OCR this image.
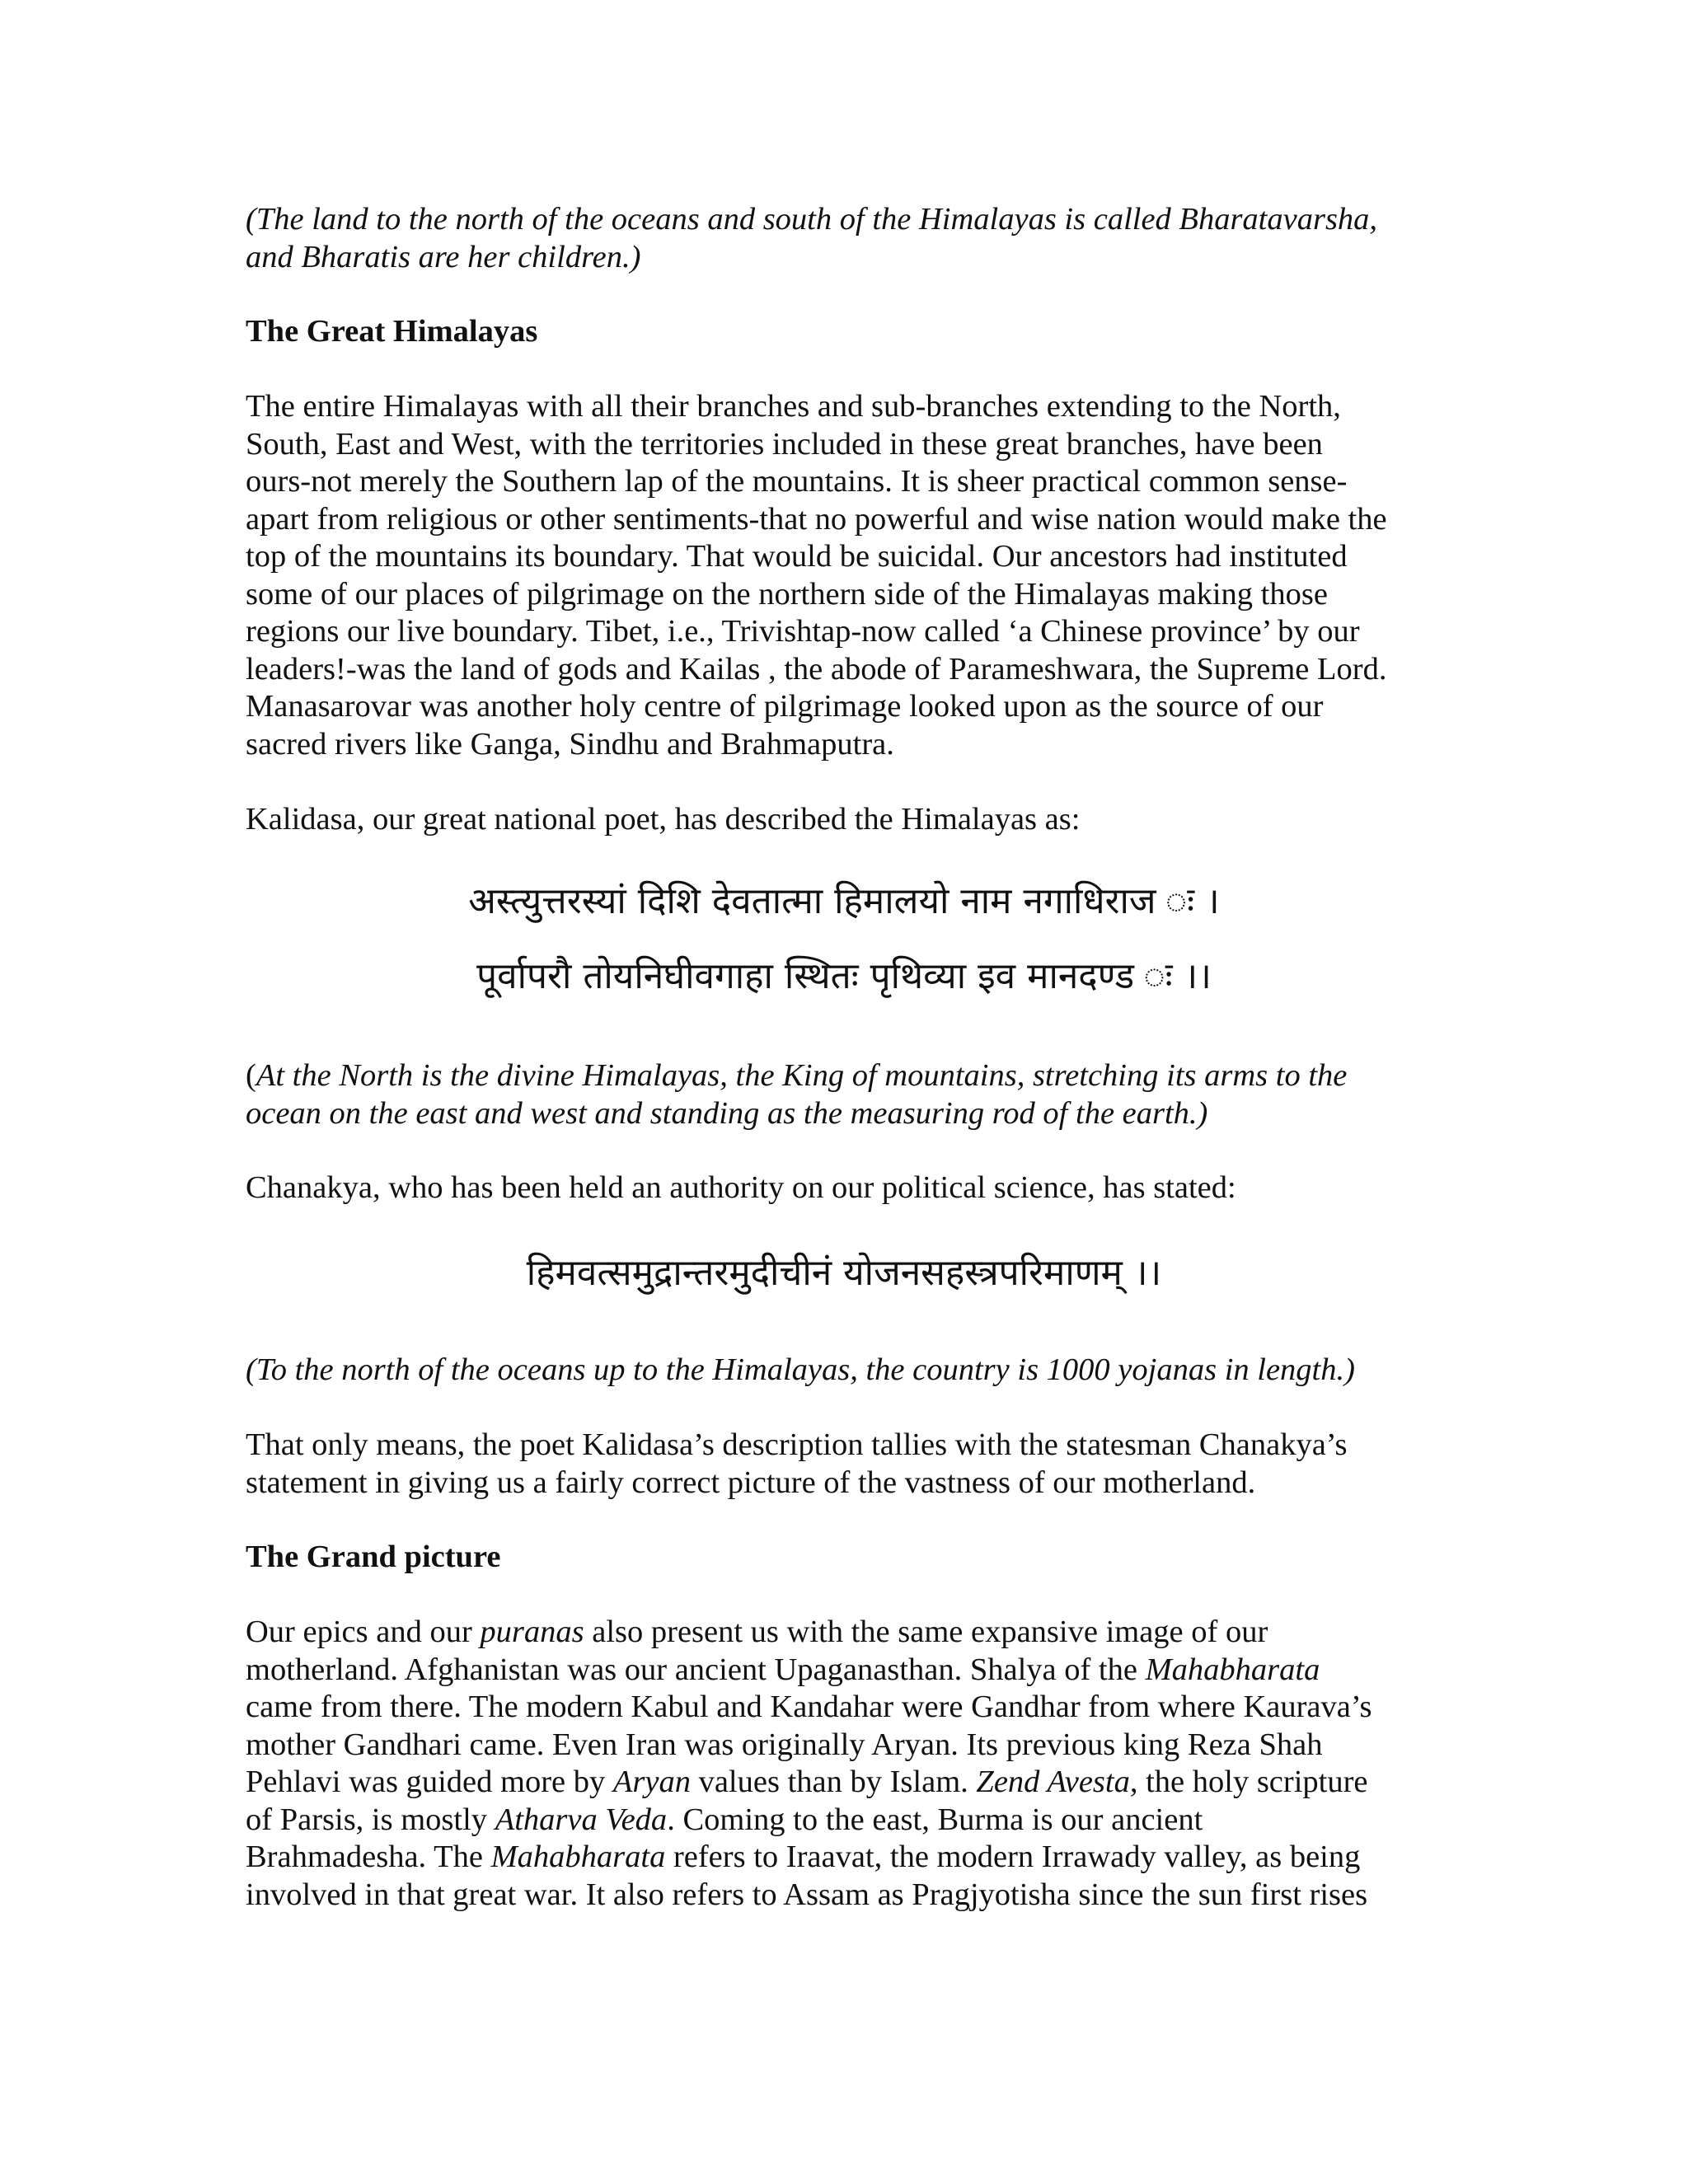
(The land to the north of the oceans and south of the Himalayas is called Bharatavarsha,
and Bharatis are her children.)

The Great Himalayas

The entire Himalayas with all their branches and sub-branches extending to the North,
South, East and West, with the territories included in these great branches, have been
ours-not merely the Southern lap of the mountains. It is sheer practical common sense-
apart from religious or other sentiments-that no powerful and wise nation would make the
top of the mountains its boundary. That would be suicidal. Our ancestors had instituted
some of our places of pilgrimage on the northern side of the Himalayas making those
regions our live boundary. Tibet, i.e., Trivishtap-now called ‘a Chinese province’ by our
leaders!-was the land of gods and Kailas , the abode of Parameshwara, the Supreme Lord.
Manasarovar was another holy centre of pilgrimage looked upon as the source of our
sacred rivers like Ganga, Sindhu and Brahmaputra.

Kalidasa, our great national poet, has described the Himalayas as:

अस्त्युत्तरस्यां दिशि देवतात्मा हिमालयो नाम नगाधिराज ः ।

पूर्वापरौ तोयनिघीवगाहा स्थितः पृथिव्या इव मानदण्ड ः ।।

(At the North is the divine Himalayas, the King of mountains, stretching its arms to the
ocean on the east and west and standing as the measuring rod of the earth.)

Chanakya, who has been held an authority on our political science, has stated:

हिमवत्समुद्रान्तरमुदीचीनं योजनसहस्त्रपरिमाणम् ।।

(To the north of the oceans up to the Himalayas, the country is 1000 yojanas in length.)

That only means, the poet Kalidasa’s description tallies with the statesman Chanakya’s
statement in giving us a fairly correct picture of the vastness of our motherland.

The Grand picture

Our epics and our puranas also present us with the same expansive image of our
motherland. Afghanistan was our ancient Upaganasthan. Shalya of the Mahabharata
came from there. The modern Kabul and Kandahar were Gandhar from where Kaurava’s
mother Gandhari came. Even Iran was originally Aryan. Its previous king Reza Shah
Pehlavi was guided more by Aryan values than by Islam. Zend Avesta, the holy scripture
of Parsis, is mostly Atharva Veda. Coming to the east, Burma is our ancient
Brahmadesha. The Mahabharata refers to Iraavat, the modern Irrawady valley, as being
involved in that great war. It also refers to Assam as Pragjyotisha since the sun first rises
